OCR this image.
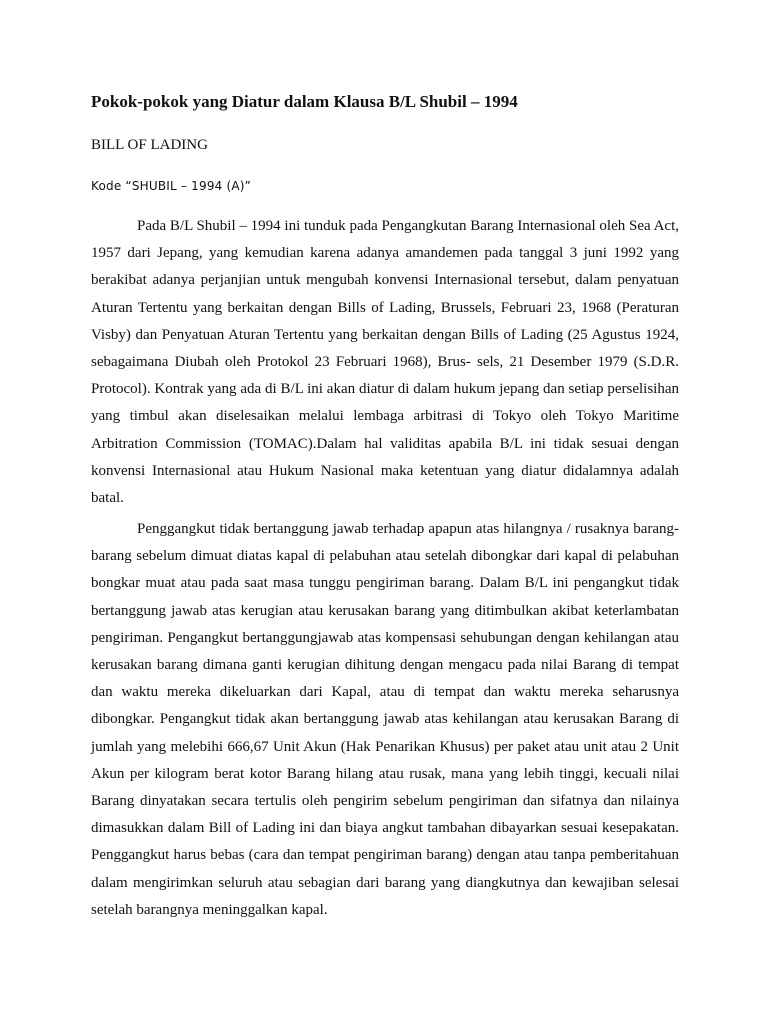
Pokok-pokok yang Diatur dalam Klausa B/L Shubil – 1994
BILL OF LADING
Kode “SHUBIL – 1994 (A)”

Pada B/L Shubil – 1994 ini tunduk pada Pengangkutan Barang Internasional oleh Sea Act, 1957 dari Jepang, yang kemudian karena adanya amandemen pada tanggal 3 juni 1992 yang berakibat adanya perjanjian untuk mengubah konvensi Internasional tersebut, dalam penyatuan Aturan Tertentu yang berkaitan dengan Bills of Lading, Brussels, Februari 23, 1968 (Peraturan Visby) dan Penyatuan Aturan Tertentu yang berkaitan dengan Bills of Lading (25 Agustus 1924, sebagaimana Diubah oleh Protokol 23 Februari 1968), Brus- sels, 21 Desember 1979 (S.D.R. Protocol). Kontrak yang ada di B/L ini akan diatur di dalam hukum jepang dan setiap perselisihan yang timbul akan diselesaikan melalui lembaga arbitrasi di Tokyo oleh Tokyo Maritime Arbitration Commission (TOMAC).Dalam hal validitas apabila B/L ini tidak sesuai dengan konvensi Internasional atau Hukum Nasional maka ketentuan yang diatur didalamnya adalah batal.

Penggangkut tidak bertanggung jawab terhadap apapun atas hilangnya / rusaknya barang-barang sebelum dimuat diatas kapal di pelabuhan atau setelah dibongkar dari kapal di pelabuhan bongkar muat atau pada saat masa tunggu pengiriman barang. Dalam B/L ini pengangkut tidak bertanggung jawab atas kerugian atau kerusakan barang yang ditimbulkan akibat keterlambatan pengiriman. Pengangkut bertanggungjawab atas kompensasi sehubungan dengan kehilangan atau kerusakan barang dimana ganti kerugian dihitung dengan mengacu pada nilai Barang di tempat dan waktu mereka dikeluarkan dari Kapal, atau di tempat dan waktu mereka seharusnya dibongkar. Pengangkut tidak akan bertanggung jawab atas kehilangan atau kerusakan Barang di jumlah yang melebihi 666,67 Unit Akun (Hak Penarikan Khusus) per paket atau unit atau 2 Unit Akun per kilogram berat kotor Barang hilang atau rusak, mana yang lebih tinggi, kecuali nilai Barang dinyatakan secara tertulis oleh pengirim sebelum pengiriman dan sifatnya dan nilainya dimasukkan dalam Bill of Lading ini dan biaya angkut tambahan dibayarkan sesuai kesepakatan. Penggangkut harus bebas (cara dan tempat pengiriman barang) dengan atau tanpa pemberitahuan dalam mengirimkan seluruh atau sebagian dari barang yang diangkutnya dan kewajiban selesai setelah barangnya meninggalkan kapal.
